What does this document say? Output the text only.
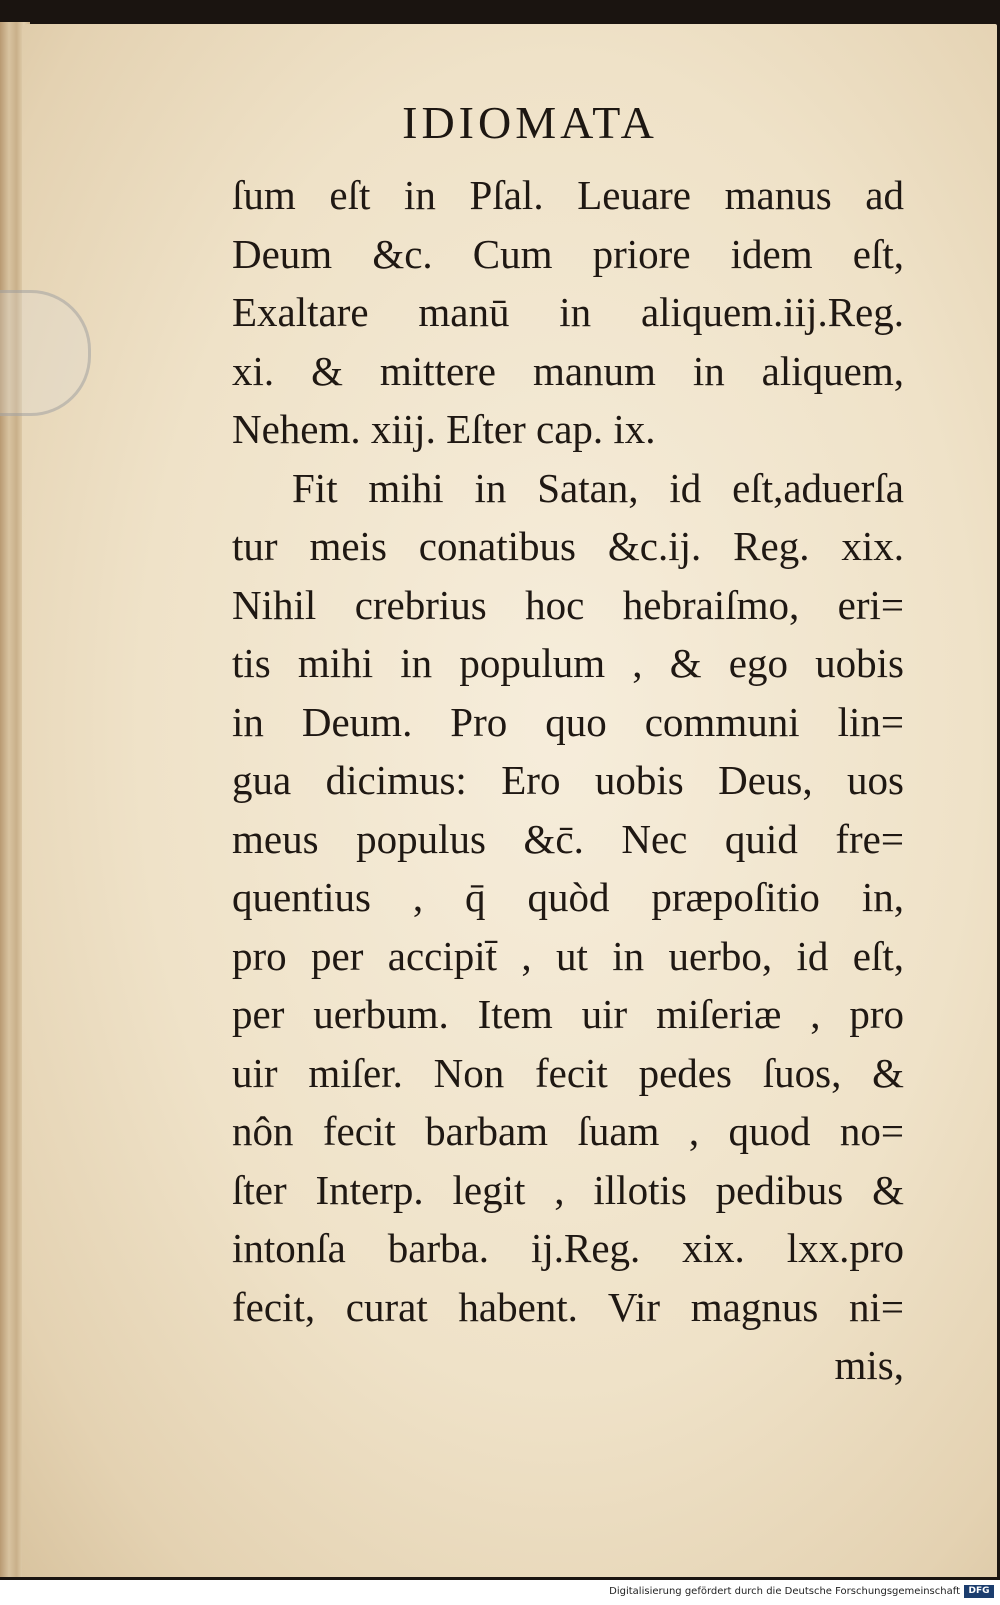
IDIOMATA
ſum eſt in Pſal. Leuare manus ad
Deum &c. Cum priore idem eſt,
Exaltare manū in aliquem.iij.Reg.
xi. & mittere manum in aliquem,
Nehem. xiij. Eſter cap. ix.
Fit mihi in Satan, id eſt,aduerſa
tur meis conatibus &c.ij. Reg. xix.
Nihil crebrius hoc hebraiſmo, eri=
tis mihi in populum , & ego uobis
in Deum. Pro quo communi lin=
gua dicimus: Ero uobis Deus, uos
meus populus &c̄. Nec quid fre=
quentius , q̄ quòd præpoſitio in,
pro per accipit̄ , ut in uerbo, id eſt,
per uerbum. Item uir miſeriæ , pro
uir miſer. Non fecit pedes ſuos, &
nôn fecit barbam ſuam , quod no=
ſter Interp. legit , illotis pedibus &
intonſa barba. ij.Reg. xix. lxx.pro
fecit, curat habent. Vir magnus ni=
mis,
Digitalisierung gefördert durch die Deutsche Forschungsgemeinschaft DFG
